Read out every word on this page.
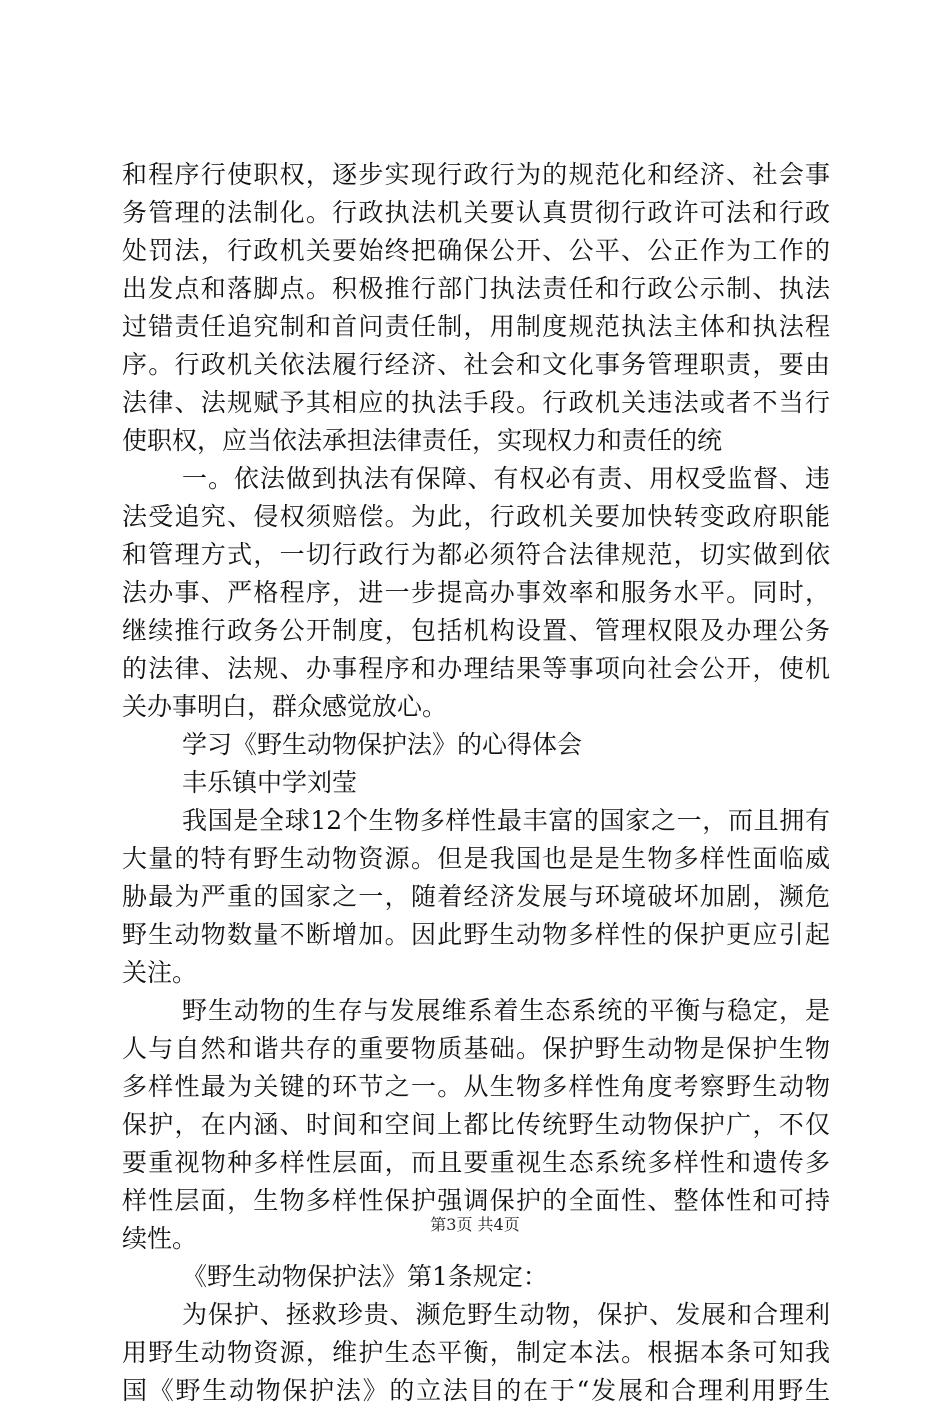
和程序行使职权，逐步实现行政行为的规范化和经济、社会事
务管理的法制化。行政执法机关要认真贯彻行政许可法和行政
处罚法，行政机关要始终把确保公开、公平、公正作为工作的
出发点和落脚点。积极推行部门执法责任和行政公示制、执法
过错责任追究制和首问责任制，用制度规范执法主体和执法程
序。行政机关依法履行经济、社会和文化事务管理职责，要由
法律、法规赋予其相应的执法手段。行政机关违法或者不当行
使职权，应当依法承担法律责任，实现权力和责任的统
一。依法做到执法有保障、有权必有责、用权受监督、违
法受追究、侵权须赔偿。为此，行政机关要加快转变政府职能
和管理方式，一切行政行为都必须符合法律规范，切实做到依
法办事、严格程序，进一步提高办事效率和服务水平。同时，
继续推行政务公开制度，包括机构设置、管理权限及办理公务
的法律、法规、办事程序和办理结果等事项向社会公开，使机
关办事明白，群众感觉放心。
学习《野生动物保护法》的心得体会
丰乐镇中学刘莹
我国是全球12个生物多样性最丰富的国家之一，而且拥有
大量的特有野生动物资源。但是我国也是是生物多样性面临威
胁最为严重的国家之一，随着经济发展与环境破坏加剧，濒危
野生动物数量不断增加。因此野生动物多样性的保护更应引起
关注。
野生动物的生存与发展维系着生态系统的平衡与稳定，是
人与自然和谐共存的重要物质基础。保护野生动物是保护生物
多样性最为关键的环节之一。从生物多样性角度考察野生动物
保护，在内涵、时间和空间上都比传统野生动物保护广，不仅
要重视物种多样性层面，而且要重视生态系统多样性和遗传多
样性层面，生物多样性保护强调保护的全面性、整体性和可持
续性。
《野生动物保护法》第1条规定：
为保护、拯救珍贵、濒危野生动物，保护、发展和合理利
用野生动物资源，维护生态平衡，制定本法。根据本条可知我
国《野生动物保护法》的立法目的在于“发展和合理利用野生
第3页 共4页
